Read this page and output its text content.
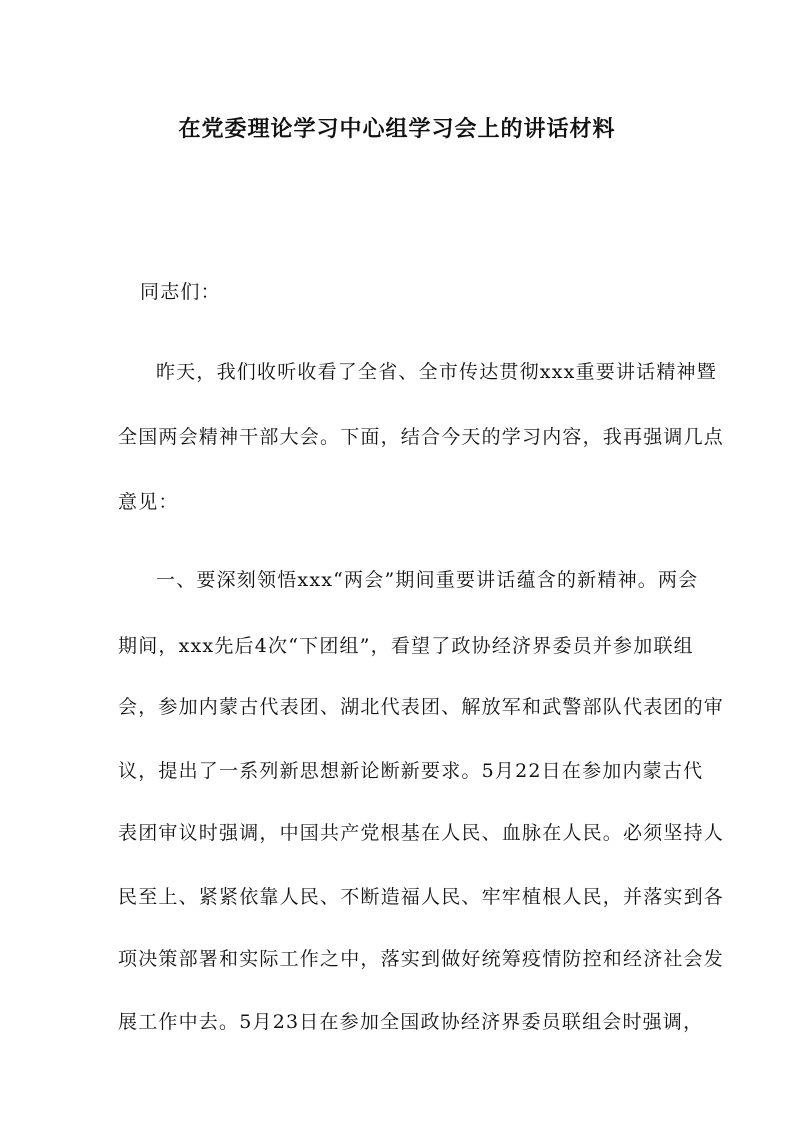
在党委理论学习中心组学习会上的讲话材料
同志们：
昨天，我们收听收看了全省、全市传达贯彻xxx重要讲话精神暨
全国两会精神干部大会。下面，结合今天的学习内容，我再强调几点
意见：
一、要深刻领悟xxx“两会”期间重要讲话蕴含的新精神。两会
期间，xxx先后4次“下团组”，看望了政协经济界委员并参加联组
会，参加内蒙古代表团、湖北代表团、解放军和武警部队代表团的审
议，提出了一系列新思想新论断新要求。5月22日在参加内蒙古代
表团审议时强调，中国共产党根基在人民、血脉在人民。必须坚持人
民至上、紧紧依靠人民、不断造福人民、牢牢植根人民，并落实到各
项决策部署和实际工作之中，落实到做好统筹疫情防控和经济社会发
展工作中去。5月23日在参加全国政协经济界委员联组会时强调，
